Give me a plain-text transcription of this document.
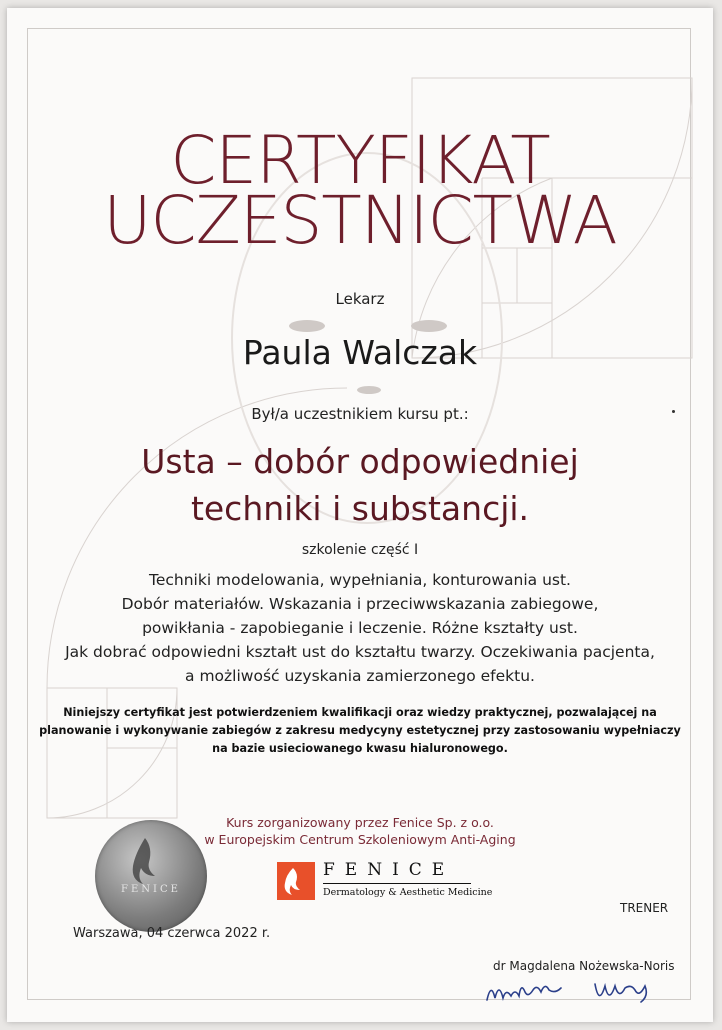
CERTYFIKAT
UCZESTNICTWA
Lekarz
Paula Walczak
Był/a uczestnikiem kursu pt.:
Usta – dobór odpowiedniej
techniki i substancji.
szkolenie część I
Techniki modelowania, wypełniania, konturowania ust.
Dobór materiałów. Wskazania i przeciwwskazania zabiegowe,
powikłania - zapobieganie i leczenie. Różne kształty ust.
Jak dobrać odpowiedni kształt ust do kształtu twarzy. Oczekiwania pacjenta,
a możliwość uzyskania zamierzonego efektu.
Niniejszy certyfikat jest potwierdzeniem kwalifikacji oraz wiedzy praktycznej, pozwalającej na
planowanie i wykonywanie zabiegów z zakresu medycyny estetycznej przy zastosowaniu wypełniaczy
na bazie usieciowanego kwasu hialuronowego.
Kurs zorganizowany przez Fenice Sp. z o.o.
w Europejskim Centrum Szkoleniowym Anti-Aging
FENICE
FENICE
Dermatology & Aesthetic Medicine
Warszawa, 04 czerwca 2022 r.
TRENER
dr Magdalena Nożewska-Noris
